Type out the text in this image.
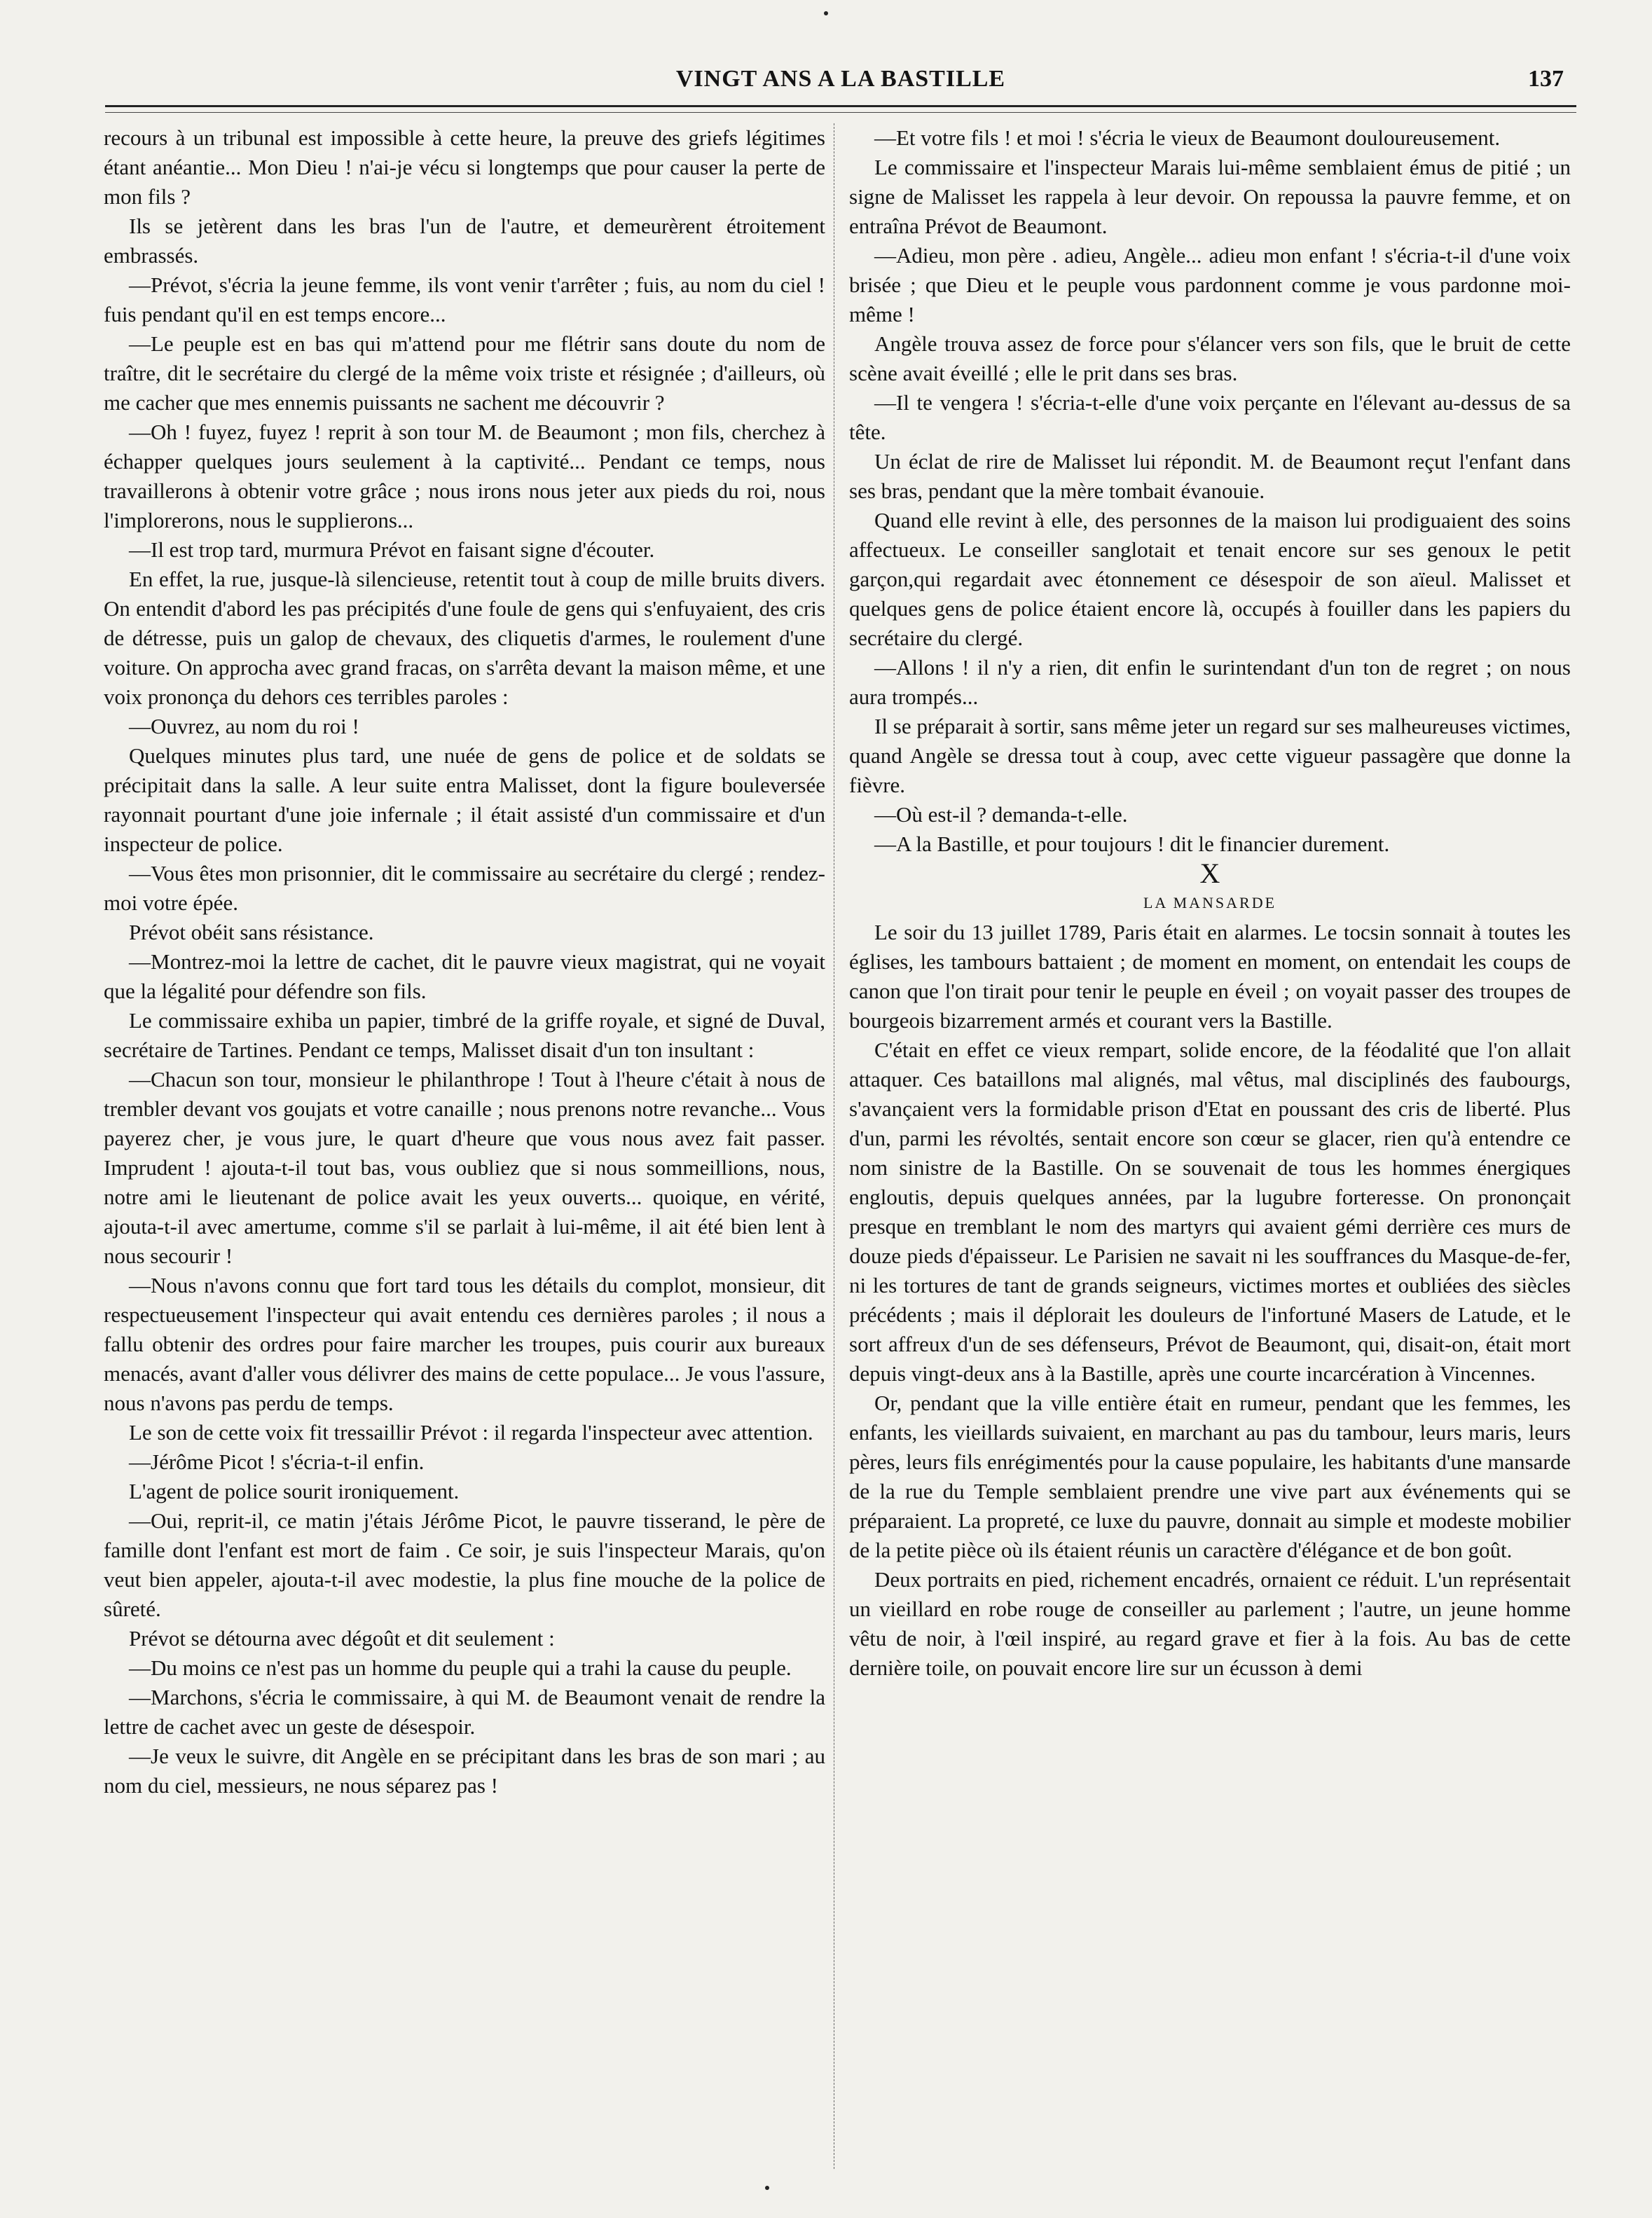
VINGT ANS A LA BASTILLE	137

recours à un tribunal est impossible à cette heure, la preuve des griefs légitimes étant anéantie... Mon Dieu ! n'ai-je vécu si longtemps que pour causer la perte de mon fils ?

Ils se jetèrent dans les bras l'un de l'autre, et demeurèrent étroitement embrassés.

—Prévot, s'écria la jeune femme, ils vont venir t'arrêter ; fuis, au nom du ciel ! fuis pendant qu'il en est temps encore...

—Le peuple est en bas qui m'attend pour me flétrir sans doute du nom de traître, dit le secrétaire du clergé de la même voix triste et résignée ; d'ailleurs, où me cacher que mes ennemis puissants ne sachent me découvrir ?

—Oh ! fuyez, fuyez ! reprit à son tour M. de Beaumont ; mon fils, cherchez à échapper quelques jours seulement à la captivité... Pendant ce temps, nous travaillerons à obtenir votre grâce ; nous irons nous jeter aux pieds du roi, nous l'implorerons, nous le supplierons...

—Il est trop tard, murmura Prévot en faisant signe d'écouter.

En effet, la rue, jusque-là silencieuse, retentit tout à coup de mille bruits divers. On entendit d'abord les pas précipités d'une foule de gens qui s'enfuyaient, des cris de détresse, puis un galop de chevaux, des cliquetis d'armes, le roulement d'une voiture. On approcha avec grand fracas, on s'arrêta devant la maison même, et une voix prononça du dehors ces terribles paroles :

—Ouvrez, au nom du roi !

Quelques minutes plus tard, une nuée de gens de police et de soldats se précipitait dans la salle. A leur suite entra Malisset, dont la figure bouleversée rayonnait pourtant d'une joie infernale ; il était assisté d'un commissaire et d'un inspecteur de police.

—Vous êtes mon prisonnier, dit le commissaire au secrétaire du clergé ; rendez-moi votre épée.

Prévot obéit sans résistance.

—Montrez-moi la lettre de cachet, dit le pauvre vieux magistrat, qui ne voyait que la légalité pour défendre son fils.

Le commissaire exhiba un papier, timbré de la griffe royale, et signé de Duval, secrétaire de Tartines. Pendant ce temps, Malisset disait d'un ton insultant :

—Chacun son tour, monsieur le philanthrope ! Tout à l'heure c'était à nous de trembler devant vos goujats et votre canaille ; nous prenons notre revanche... Vous payerez cher, je vous jure, le quart d'heure que vous nous avez fait passer. Imprudent ! ajouta-t-il tout bas, vous oubliez que si nous sommeillions, nous, notre ami le lieutenant de police avait les yeux ouverts... quoique, en vérité, ajouta-t-il avec amertume, comme s'il se parlait à lui-même, il ait été bien lent à nous secourir !

—Nous n'avons connu que fort tard tous les détails du complot, monsieur, dit respectueusement l'inspecteur qui avait entendu ces dernières paroles ; il nous a fallu obtenir des ordres pour faire marcher les troupes, puis courir aux bureaux menacés, avant d'aller vous délivrer des mains de cette populace... Je vous l'assure, nous n'avons pas perdu de temps.

Le son de cette voix fit tressaillir Prévot : il regarda l'inspecteur avec attention.

—Jérôme Picot ! s'écria-t-il enfin.

L'agent de police sourit ironiquement.

—Oui, reprit-il, ce matin j'étais Jérôme Picot, le pauvre tisserand, le père de famille dont l'enfant est mort de faim . Ce soir, je suis l'inspecteur Marais, qu'on veut bien appeler, ajouta-t-il avec modestie, la plus fine mouche de la police de sûreté.

Prévot se détourna avec dégoût et dit seulement :

—Du moins ce n'est pas un homme du peuple qui a trahi la cause du peuple.

—Marchons, s'écria le commissaire, à qui M. de Beaumont venait de rendre la lettre de cachet avec un geste de désespoir.

—Je veux le suivre, dit Angèle en se précipitant dans les bras de son mari ; au nom du ciel, messieurs, ne nous séparez pas !

—Et votre fils ! et moi ! s'écria le vieux de Beaumont douloureusement.

Le commissaire et l'inspecteur Marais lui-même semblaient émus de pitié ; un signe de Malisset les rappela à leur devoir. On repoussa la pauvre femme, et on entraîna Prévot de Beaumont.

—Adieu, mon père . adieu, Angèle... adieu mon enfant ! s'écria-t-il d'une voix brisée ; que Dieu et le peuple vous pardonnent comme je vous pardonne moi-même !

Angèle trouva assez de force pour s'élancer vers son fils, que le bruit de cette scène avait éveillé ; elle le prit dans ses bras.

—Il te vengera ! s'écria-t-elle d'une voix perçante en l'élevant au-dessus de sa tête.

Un éclat de rire de Malisset lui répondit. M. de Beaumont reçut l'enfant dans ses bras, pendant que la mère tombait évanouie.

Quand elle revint à elle, des personnes de la maison lui prodiguaient des soins affectueux. Le conseiller sanglotait et tenait encore sur ses genoux le petit garçon,qui regardait avec étonnement ce désespoir de son aïeul. Malisset et quelques gens de police étaient encore là, occupés à fouiller dans les papiers du secrétaire du clergé.

—Allons ! il n'y a rien, dit enfin le surintendant d'un ton de regret ; on nous aura trompés...

Il se préparait à sortir, sans même jeter un regard sur ses malheureuses victimes, quand Angèle se dressa tout à coup, avec cette vigueur passagère que donne la fièvre.

—Où est-il ? demanda-t-elle.

—A la Bastille, et pour toujours ! dit le financier durement.

X

LA MANSARDE

Le soir du 13 juillet 1789, Paris était en alarmes. Le tocsin sonnait à toutes les églises, les tambours battaient ; de moment en moment, on entendait les coups de canon que l'on tirait pour tenir le peuple en éveil ; on voyait passer des troupes de bourgeois bizarrement armés et courant vers la Bastille.

C'était en effet ce vieux rempart, solide encore, de la féodalité que l'on allait attaquer. Ces bataillons mal alignés, mal vêtus, mal disciplinés des faubourgs, s'avançaient vers la formidable prison d'Etat en poussant des cris de liberté. Plus d'un, parmi les révoltés, sentait encore son cœur se glacer, rien qu'à entendre ce nom sinistre de la Bastille. On se souvenait de tous les hommes énergiques engloutis, depuis quelques années, par la lugubre forteresse. On prononçait presque en tremblant le nom des martyrs qui avaient gémi derrière ces murs de douze pieds d'épaisseur. Le Parisien ne savait ni les souffrances du Masque-de-fer, ni les tortures de tant de grands seigneurs, victimes mortes et oubliées des siècles précédents ; mais il déplorait les douleurs de l'infortuné Masers de Latude, et le sort affreux d'un de ses défenseurs, Prévot de Beaumont, qui, disait-on, était mort depuis vingt-deux ans à la Bastille, après une courte incarcération à Vincennes.

Or, pendant que la ville entière était en rumeur, pendant que les femmes, les enfants, les vieillards suivaient, en marchant au pas du tambour, leurs maris, leurs pères, leurs fils enrégimentés pour la cause populaire, les habitants d'une mansarde de la rue du Temple semblaient prendre une vive part aux événements qui se préparaient. La propreté, ce luxe du pauvre, donnait au simple et modeste mobilier de la petite pièce où ils étaient réunis un caractère d'élégance et de bon goût.

Deux portraits en pied, richement encadrés, ornaient ce réduit. L'un représentait un vieillard en robe rouge de conseiller au parlement ; l'autre, un jeune homme vêtu de noir, à l'œil inspiré, au regard grave et fier à la fois. Au bas de cette dernière toile, on pouvait encore lire sur un écusson à demi
